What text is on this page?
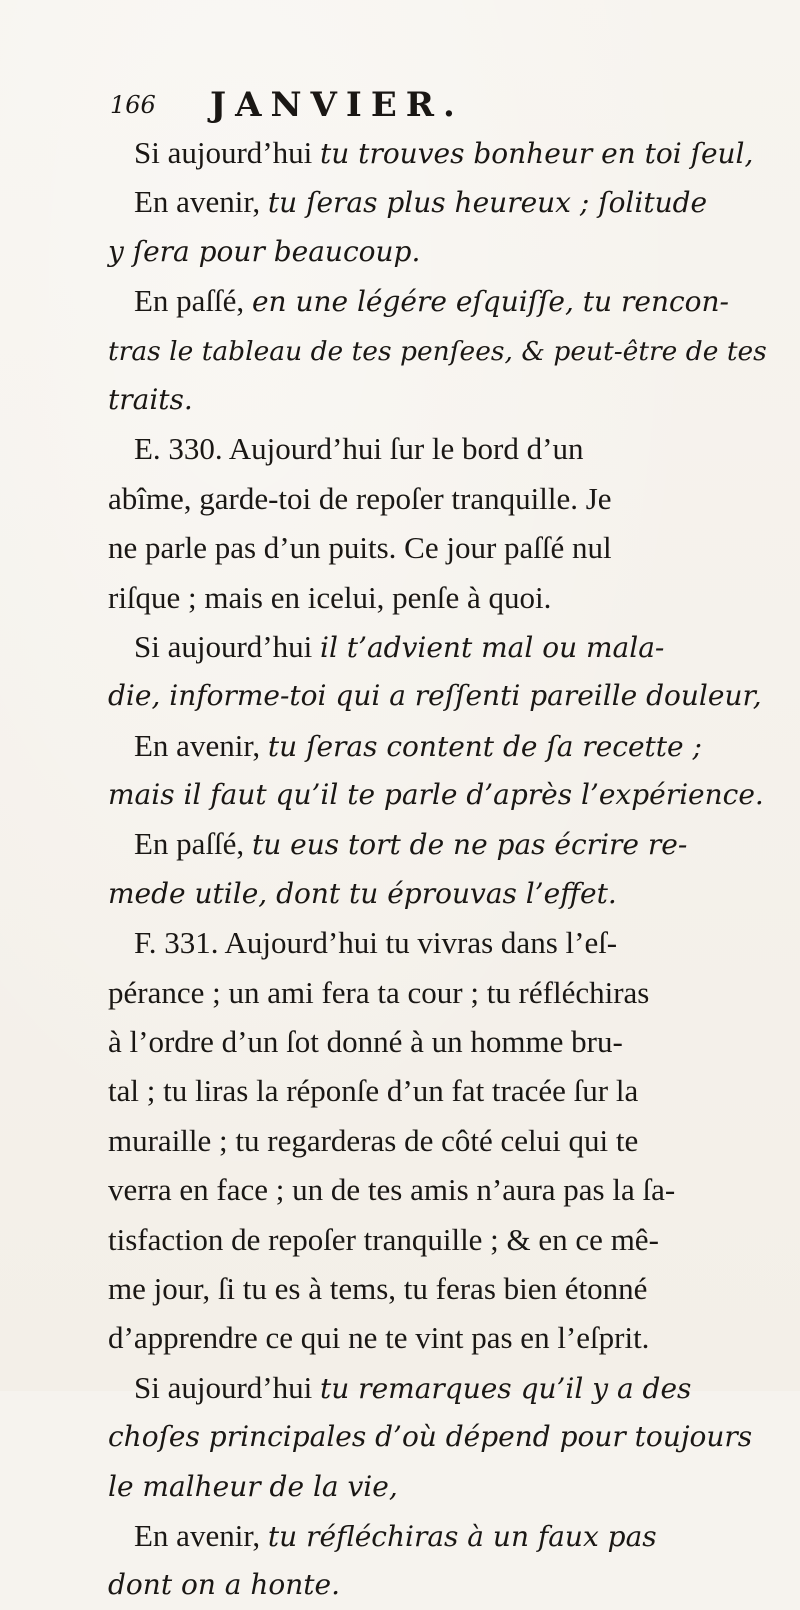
166 JANVIER.
Si aujourd’hui tu trouves bonheur en toi ſeul,
En avenir, tu ſeras plus heureux ; ſolitude
y ſera pour beaucoup.
En paſſé, en une légére eſquiſſe, tu rencon-
tras le tableau de tes penſees, & peut-être de tes
traits.
E. 330. Aujourd’hui ſur le bord d’un
abîme, garde-toi de repoſer tranquille. Je
ne parle pas d’un puits. Ce jour paſſé nul
riſque ; mais en icelui, penſe à quoi.
Si aujourd’hui il t’advient mal ou mala-
die, informe-toi qui a reſſenti pareille douleur,
En avenir, tu ſeras content de ſa recette ;
mais il faut qu’il te parle d’après l’expérience.
En paſſé, tu eus tort de ne pas écrire re-
mede utile, dont tu éprouvas l’effet.
F. 331. Aujourd’hui tu vivras dans l’eſ-
pérance ; un ami fera ta cour ; tu réfléchiras
à l’ordre d’un ſot donné à un homme bru-
tal ; tu liras la réponſe d’un fat tracée ſur la
muraille ; tu regarderas de côté celui qui te
verra en face ; un de tes amis n’aura pas la ſa-
tisfaction de repoſer tranquille ; & en ce mê-
me jour, ſi tu es à tems, tu feras bien étonné
d’apprendre ce qui ne te vint pas en l’eſprit.
Si aujourd’hui tu remarques qu’il y a des
choſes principales d’où dépend pour toujours
le malheur de la vie,
En avenir, tu réfléchiras à un faux pas
dont on a honte.
